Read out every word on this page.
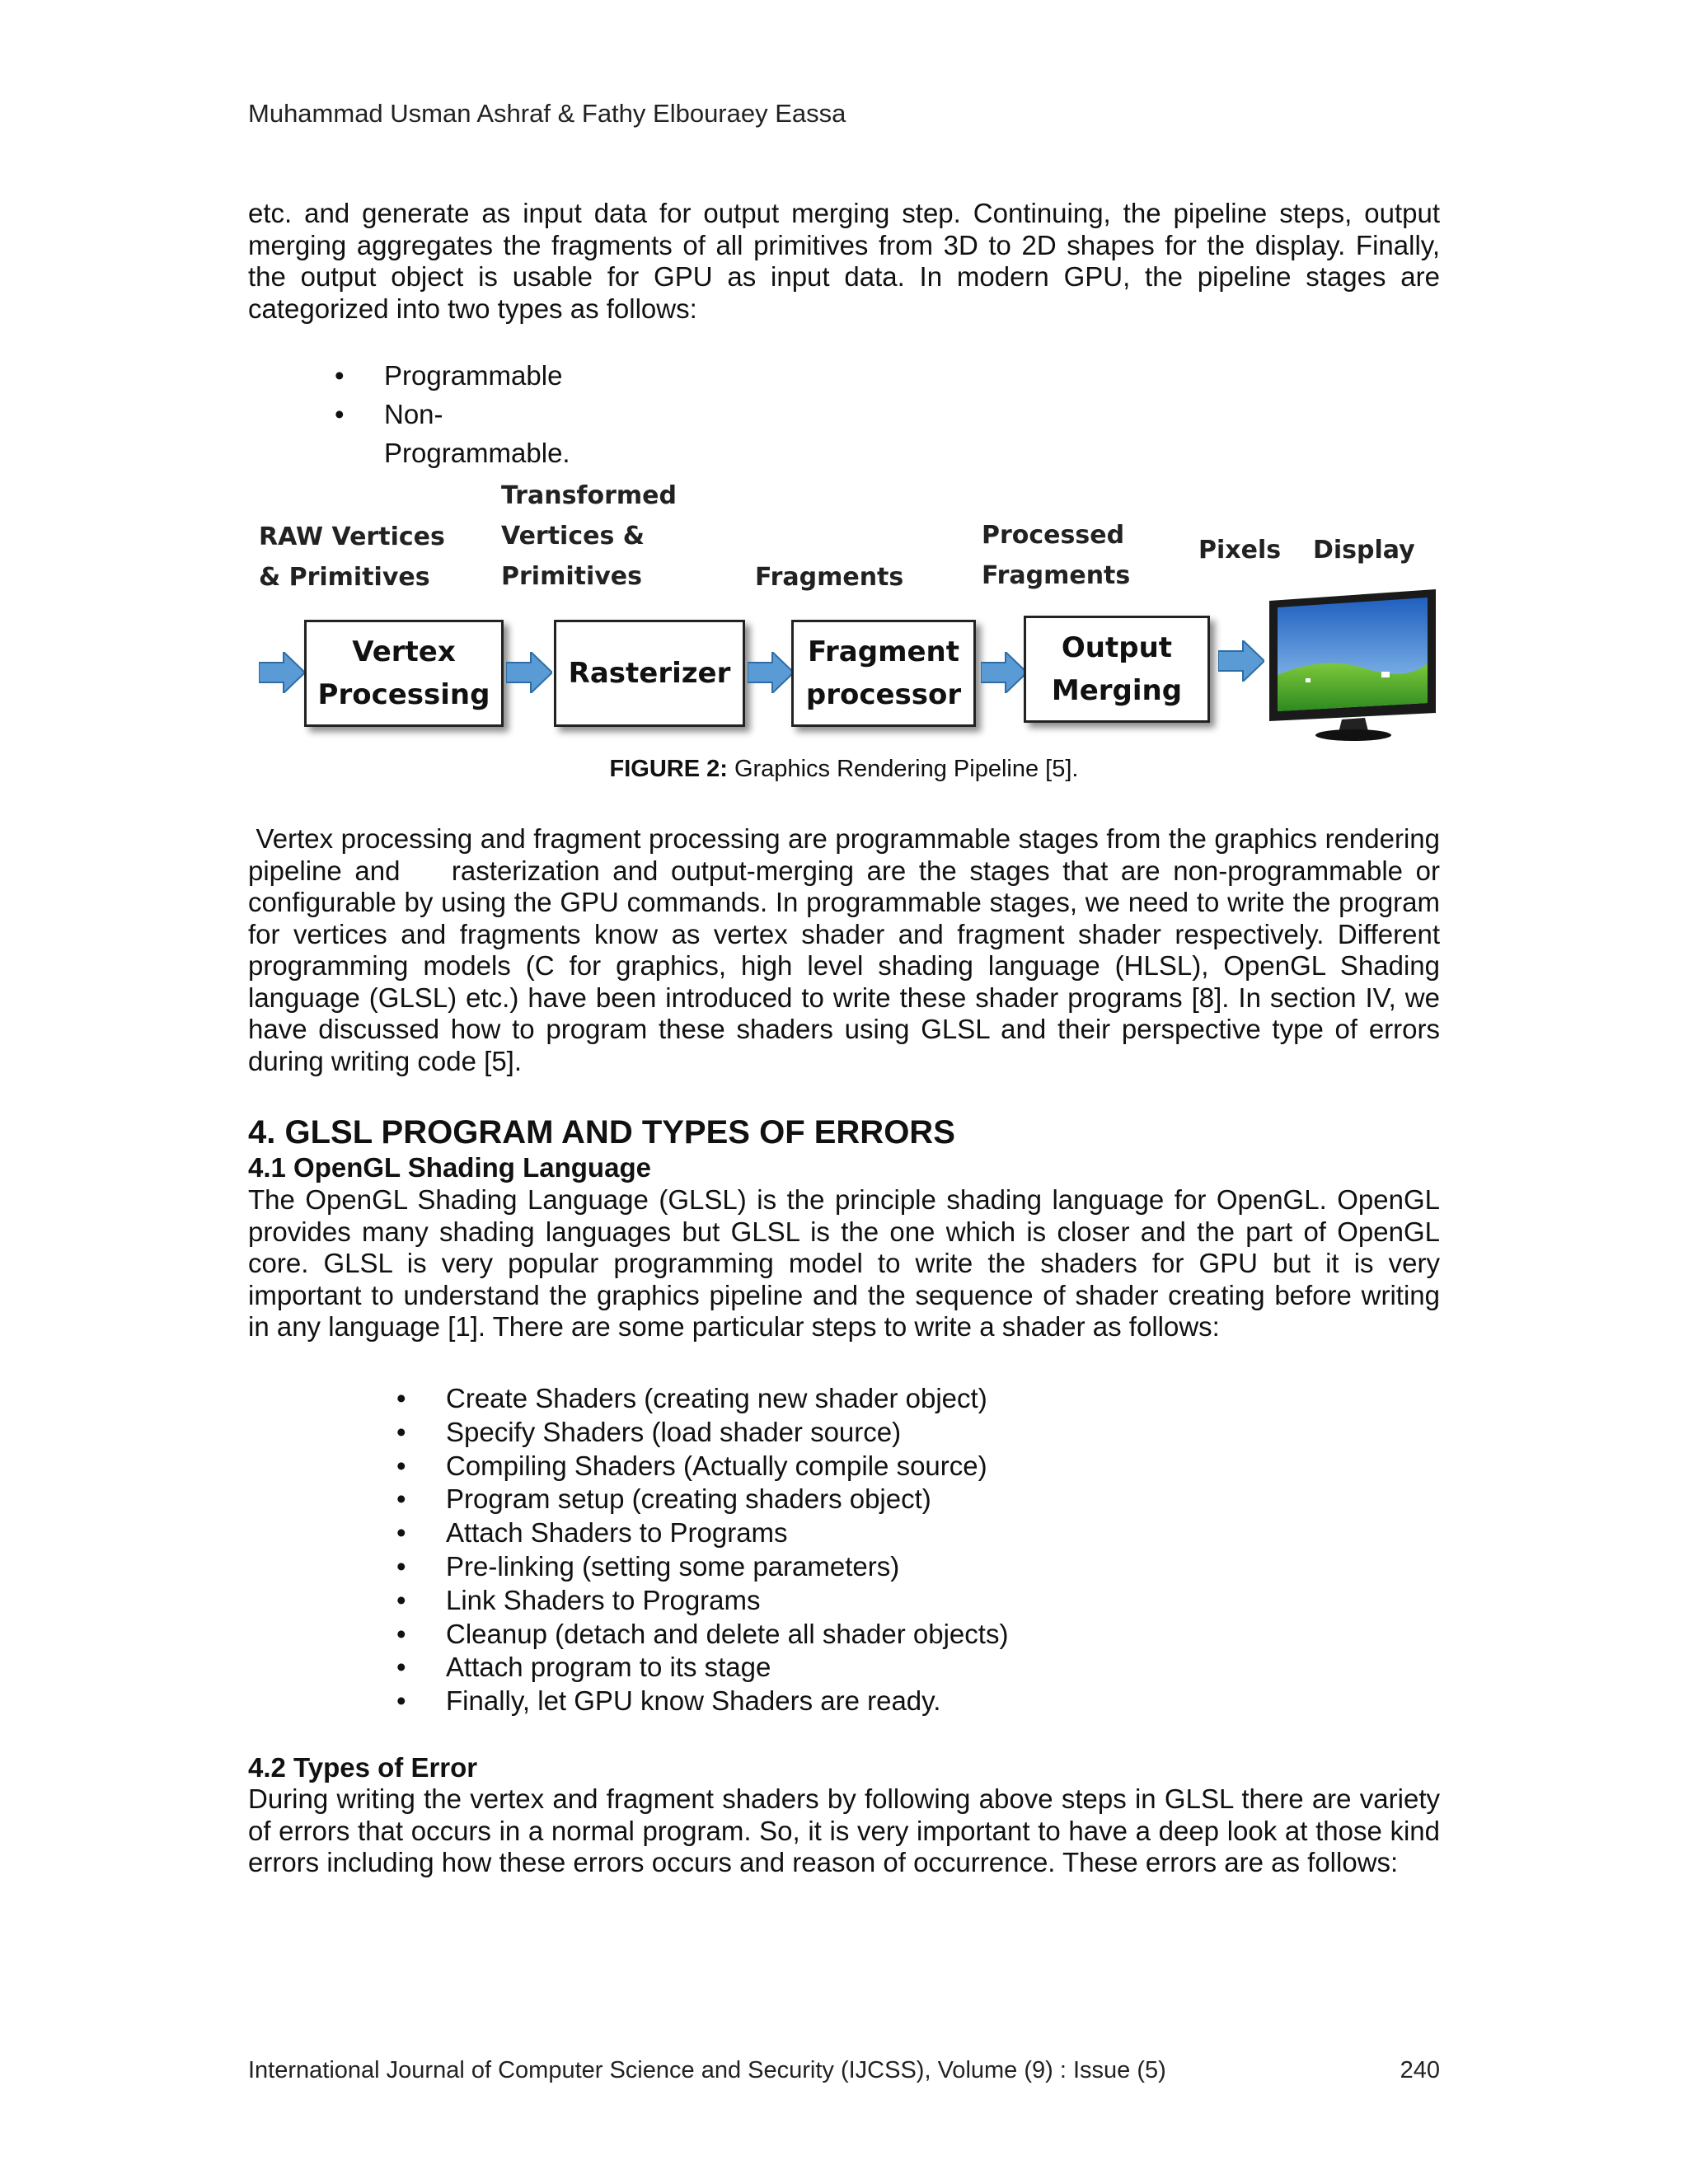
Muhammad Usman Ashraf & Fathy Elbouraey Eassa

etc. and generate as input data for output merging step. Continuing, the pipeline steps, output merging aggregates the fragments of all primitives from 3D to 2D shapes for the display. Finally, the output object is usable for GPU as input data. In modern GPU, the pipeline stages are categorized into two types as follows:

• Programmable
• Non-Programmable.
RAW Vertices
& Primitives
Transformed
Vertices &
Primitives	Fragments
Processed
Fragments
Pixels Display
Vertex
Processing
Rasterizer
Fragment
processor
Output
Merging
FIGURE 2: Graphics Rendering Pipeline [5].

Vertex processing and fragment processing are programmable stages from the graphics rendering pipeline and    rasterization and output-merging are the stages that are non-programmable or configurable by using the GPU commands. In programmable stages, we need to write the program for vertices and fragments know as vertex shader and fragment shader respectively. Different programming models (C for graphics, high level shading language (HLSL), OpenGL Shading language (GLSL) etc.) have been introduced to write these shader programs [8]. In section IV, we have discussed how to program these shaders using GLSL and their perspective type of errors during writing code [5].

4. GLSL PROGRAM AND TYPES OF ERRORS
4.1 OpenGL Shading Language

The OpenGL Shading Language (GLSL) is the principle shading language for OpenGL. OpenGL provides many shading languages but GLSL is the one which is closer and the part of OpenGL core. GLSL is very popular programming model to write the shaders for GPU but it is very important to understand the graphics pipeline and the sequence of shader creating before writing in any language [1]. There are some particular steps to write a shader as follows:

• Create Shaders (creating new shader object)
• Specify Shaders (load shader source)
• Compiling Shaders (Actually compile source)
• Program setup (creating shaders object)
• Attach Shaders to Programs
• Pre-linking (setting some parameters)
• Link Shaders to Programs
• Cleanup (detach and delete all shader objects)
• Attach program to its stage
• Finally, let GPU know Shaders are ready.
4.2 Types of Error

During writing the vertex and fragment shaders by following above steps in GLSL there are variety of errors that occurs in a normal program. So, it is very important to have a deep look at those kind errors including how these errors occurs and reason of occurrence. These errors are as follows:

International Journal of Computer Science and Security (IJCSS), Volume (9) : Issue (5)	240
